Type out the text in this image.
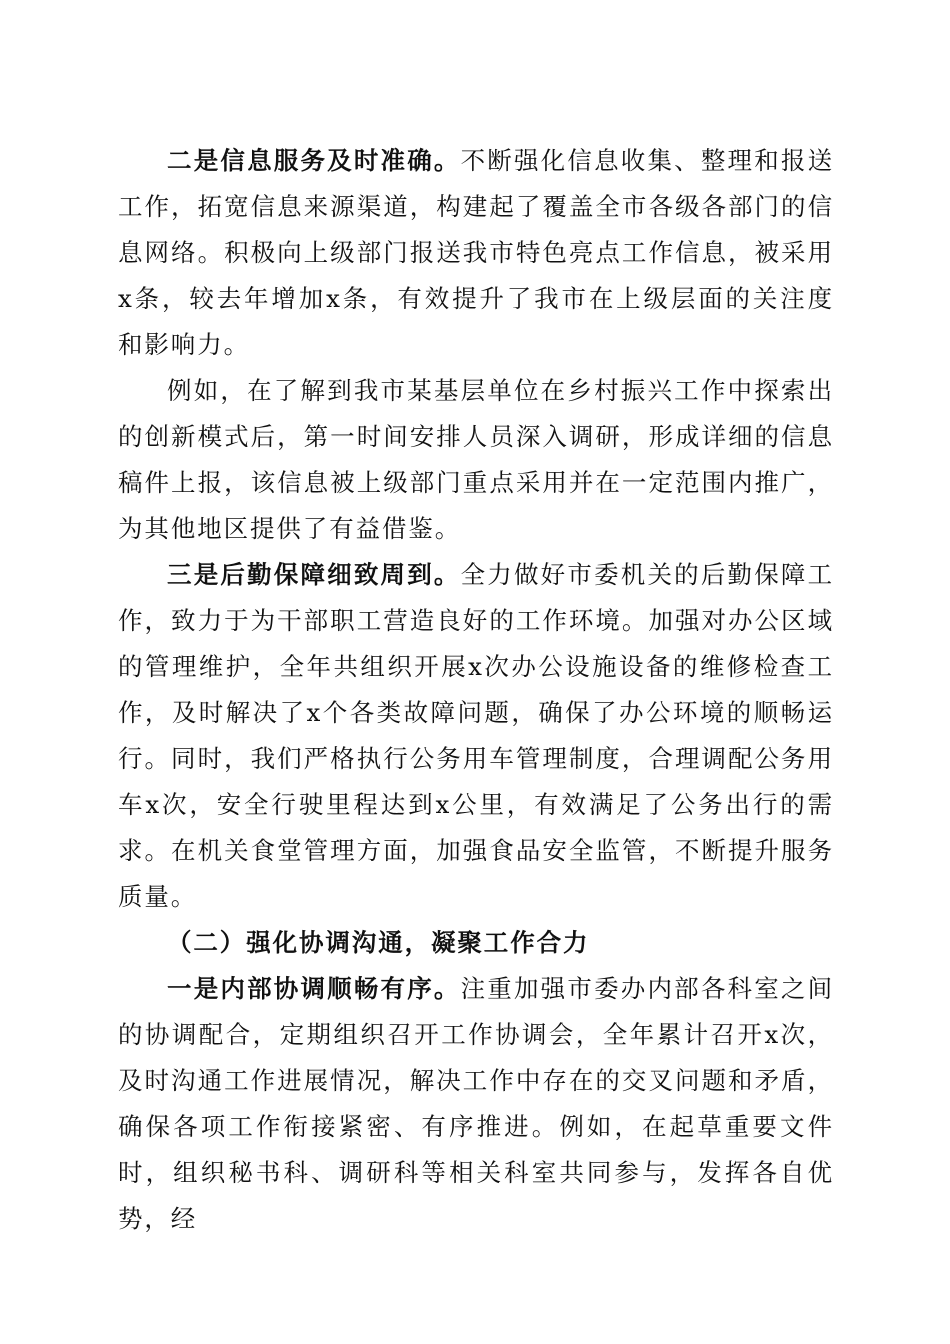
二是信息服务及时准确。不断强化信息收集、整理和报送工作，拓宽信息来源渠道，构建起了覆盖全市各级各部门的信息网络。积极向上级部门报送我市特色亮点工作信息，被采用x条，较去年增加x条，有效提升了我市在上级层面的关注度和影响力。

例如，在了解到我市某基层单位在乡村振兴工作中探索出的创新模式后，第一时间安排人员深入调研，形成详细的信息稿件上报，该信息被上级部门重点采用并在一定范围内推广，为其他地区提供了有益借鉴。

三是后勤保障细致周到。全力做好市委机关的后勤保障工作，致力于为干部职工营造良好的工作环境。加强对办公区域的管理维护，全年共组织开展x次办公设施设备的维修检查工作，及时解决了x个各类故障问题，确保了办公环境的顺畅运行。同时，我们严格执行公务用车管理制度，合理调配公务用车x次，安全行驶里程达到x公里，有效满足了公务出行的需求。在机关食堂管理方面，加强食品安全监管，不断提升服务质量。

（二）强化协调沟通，凝聚工作合力

一是内部协调顺畅有序。注重加强市委办内部各科室之间的协调配合，定期组织召开工作协调会，全年累计召开x次，及时沟通工作进展情况，解决工作中存在的交叉问题和矛盾，确保各项工作衔接紧密、有序推进。例如，在起草重要文件时，组织秘书科、调研科等相关科室共同参与，发挥各自优势，经
